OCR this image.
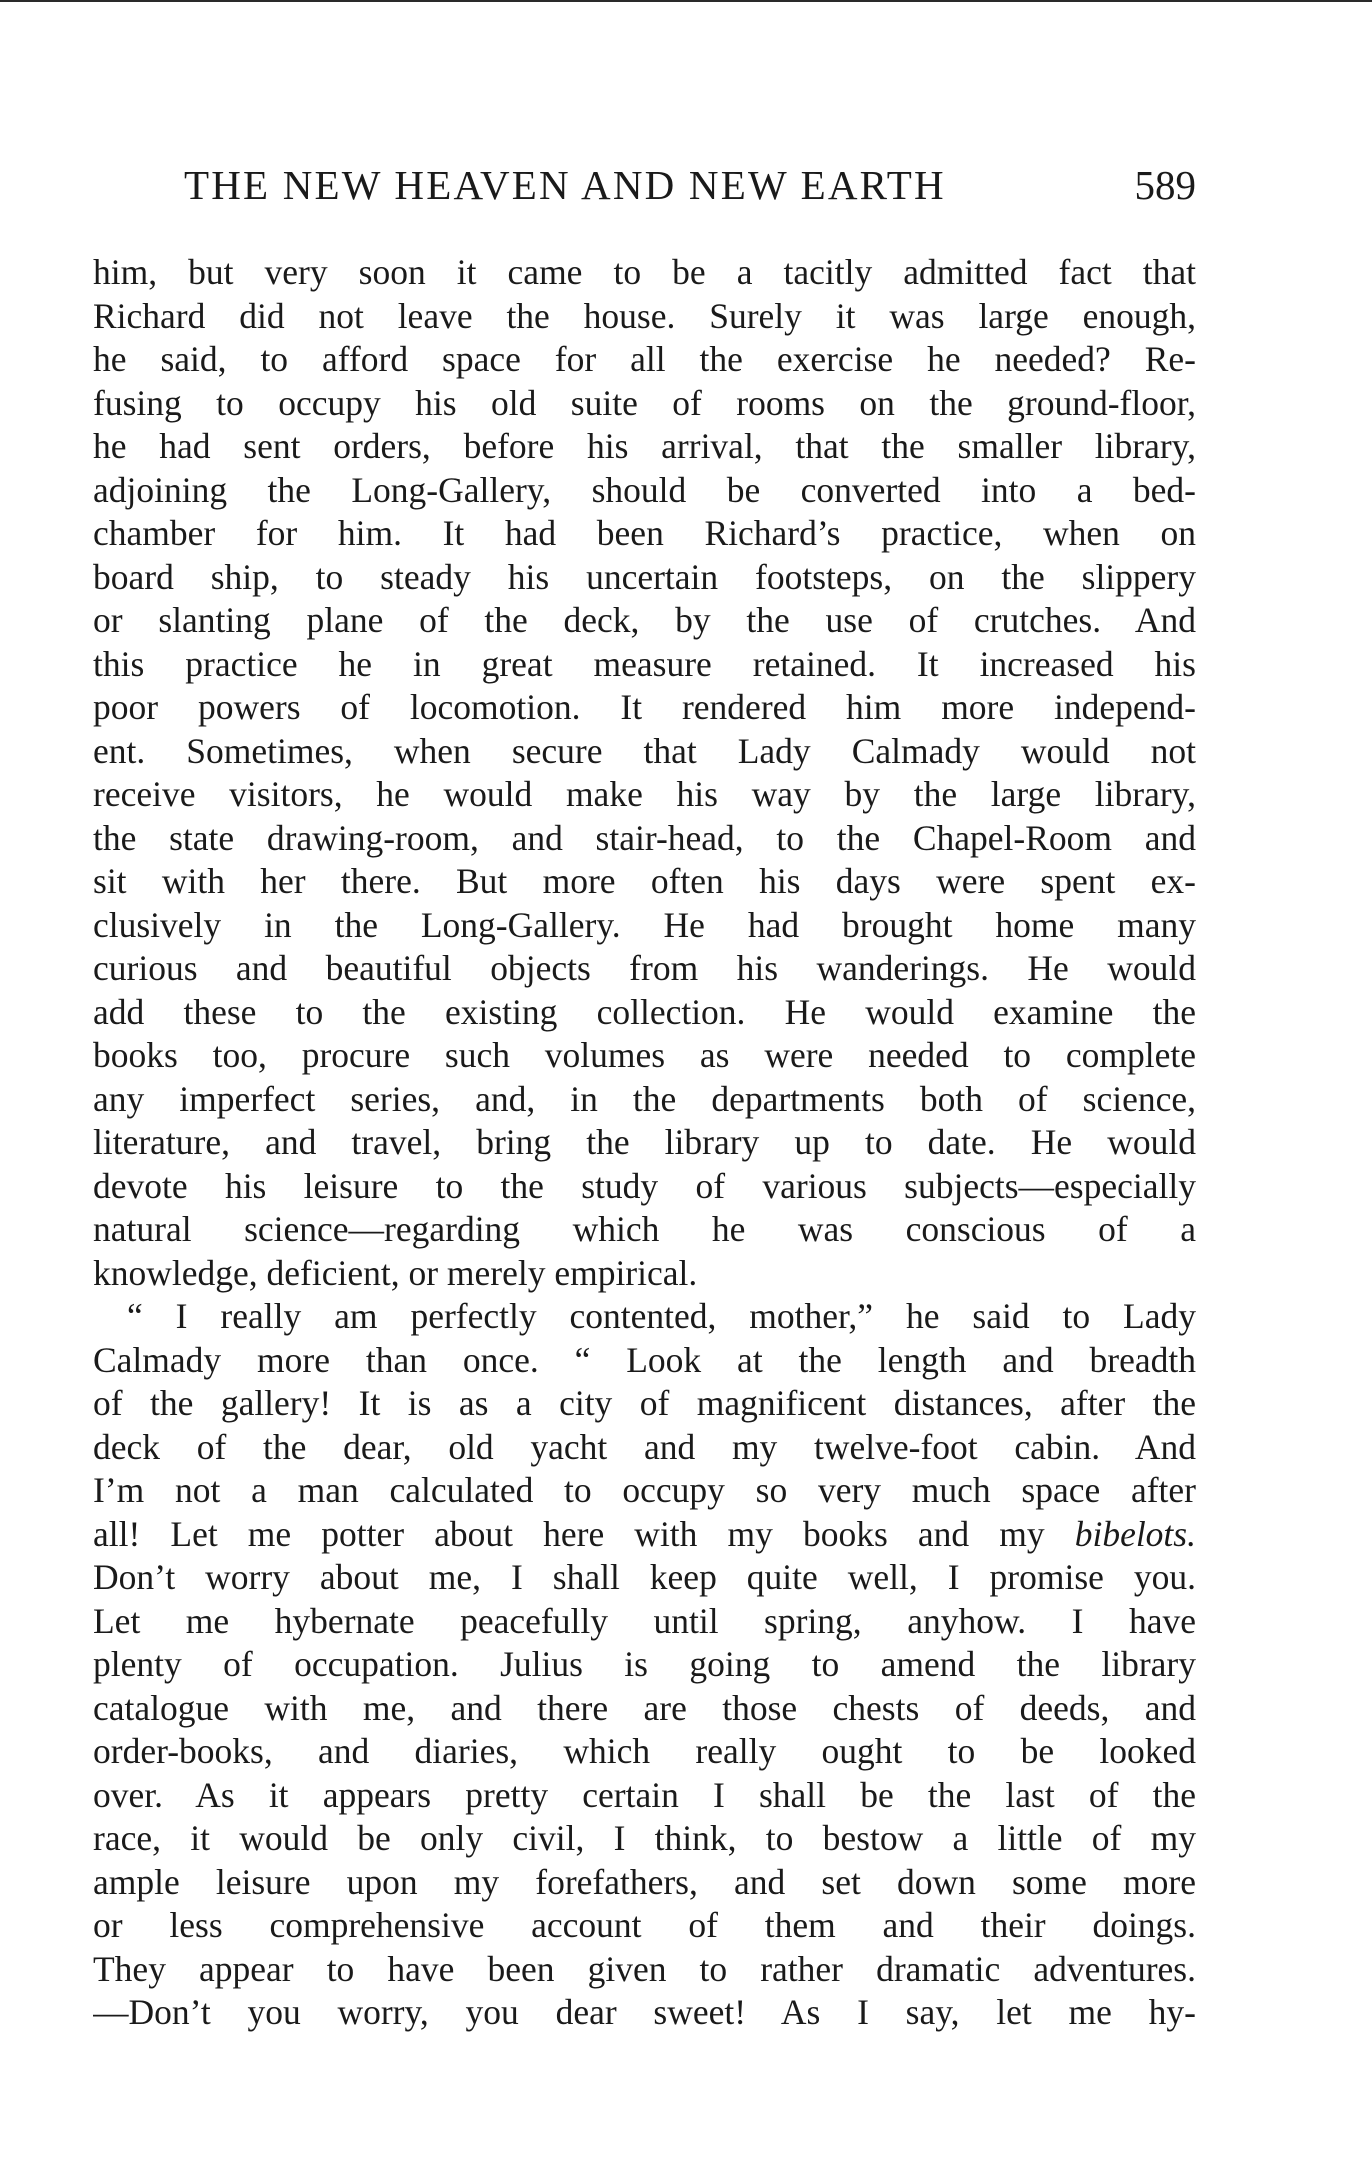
THE NEW HEAVEN AND NEW EARTH	589
him, but very soon it came to be a tacitly admitted fact that
Richard did not leave the house. Surely it was large enough,
he said, to afford space for all the exercise he needed? Re-
fusing to occupy his old suite of rooms on the ground-floor,
he had sent orders, before his arrival, that the smaller library,
adjoining the Long-Gallery, should be converted into a bed-
chamber for him. It had been Richard’s practice, when on
board ship, to steady his uncertain footsteps, on the slippery
or slanting plane of the deck, by the use of crutches. And
this practice he in great measure retained. It increased his
poor powers of locomotion. It rendered him more independ-
ent. Sometimes, when secure that Lady Calmady would not
receive visitors, he would make his way by the large library,
the state drawing-room, and stair-head, to the Chapel-Room and
sit with her there. But more often his days were spent ex-
clusively in the Long-Gallery. He had brought home many
curious and beautiful objects from his wanderings. He would
add these to the existing collection. He would examine the
books too, procure such volumes as were needed to complete
any imperfect series, and, in the departments both of science,
literature, and travel, bring the library up to date. He would
devote his leisure to the study of various subjects—especially
natural science—regarding which he was conscious of a
knowledge, deficient, or merely empirical.
“ I really am perfectly contented, mother,” he said to Lady
Calmady more than once. “ Look at the length and breadth
of the gallery! It is as a city of magnificent distances, after the
deck of the dear, old yacht and my twelve-foot cabin. And
I’m not a man calculated to occupy so very much space after
all! Let me potter about here with my books and my bibelots.
Don’t worry about me, I shall keep quite well, I promise you.
Let me hybernate peacefully until spring, anyhow. I have
plenty of occupation. Julius is going to amend the library
catalogue with me, and there are those chests of deeds, and
order-books, and diaries, which really ought to be looked
over. As it appears pretty certain I shall be the last of the
race, it would be only civil, I think, to bestow a little of my
ample leisure upon my forefathers, and set down some more
or less comprehensive account of them and their doings.
They appear to have been given to rather dramatic adventures.
—Don’t you worry, you dear sweet! As I say, let me hy-
